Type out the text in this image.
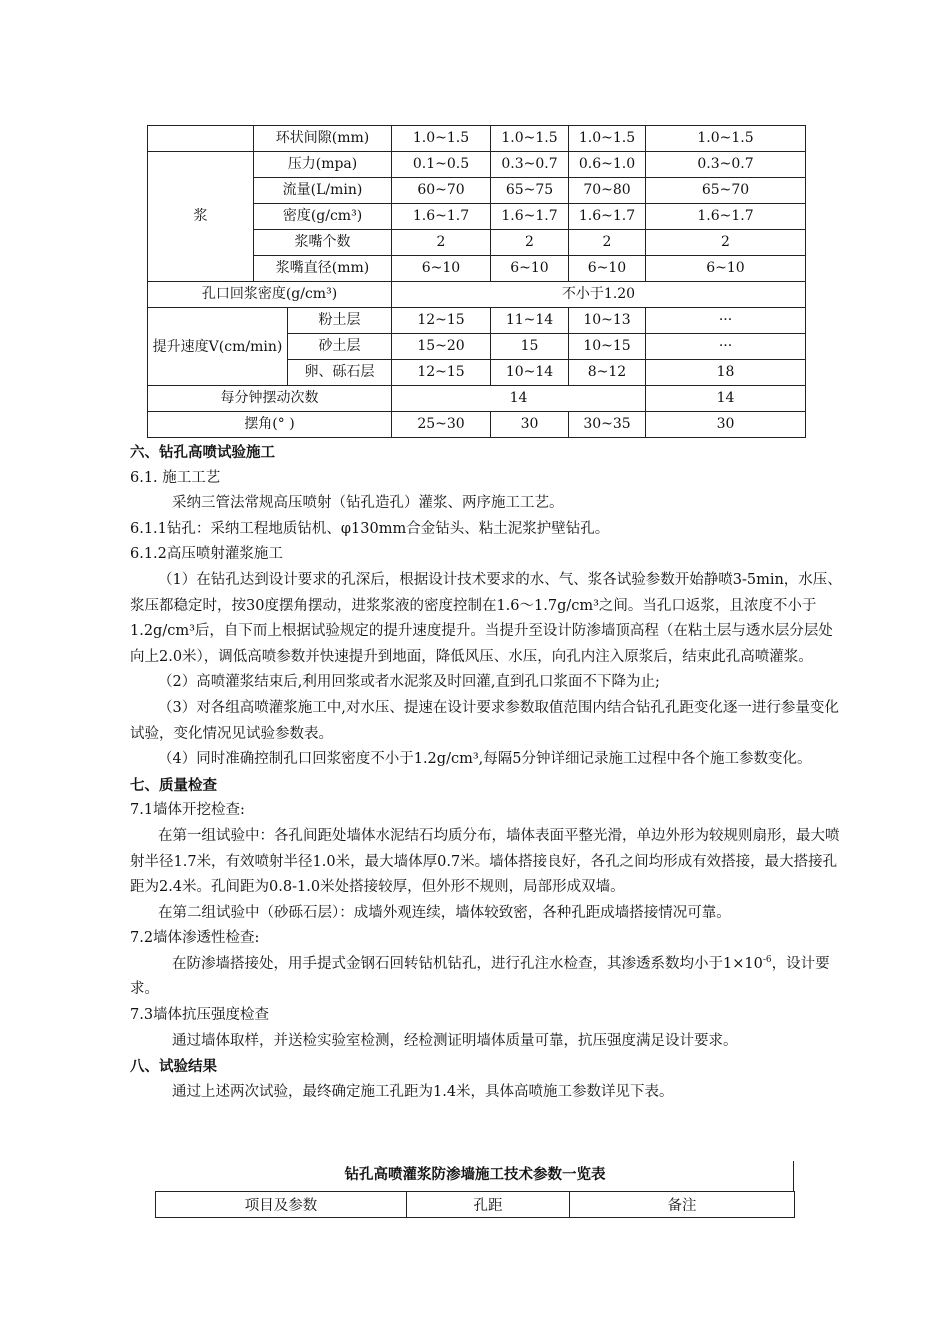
	环状间隙(mm)		1.0~1.5	1.0~1.5	1.0~1.5	1.0~1.5
浆	压力(mpa)		0.1~0.5	0.3~0.7	0.6~1.0	0.3~0.7
	流量(L/min)		60~70	65~75	70~80	65~70
	密度(g/cm³)		1.6~1.7	1.6~1.7	1.6~1.7	1.6~1.7
	浆嘴个数		2	2	2	2
	浆嘴直径(mm)		6~10	6~10	6~10	6~10
孔口回浆密度(g/cm³)			不小于1.20			
提升速度V(cm/min)		粉土层	12~15	11~14	10~13	···
		砂土层	15~20	15	10~15	···
		卵、砾石层	12~15	10~14	8~12	18
每分钟摆动次数			14			14
摆角(° )			25~30	30	30~35	30

六、钻孔高喷试验施工

6.1. 施工工艺

采纳三管法常规高压喷射（钻孔造孔）灌浆、两序施工工艺。

6.1.1钻孔：采纳工程地质钻机、φ130mm合金钻头、粘土泥浆护壁钻孔。

6.1.2高压喷射灌浆施工

（1）在钻孔达到设计要求的孔深后，根据设计技术要求的水、气、浆各试验参数开始静喷3-5min，水压、浆压都稳定时，按30度摆角摆动，进浆浆液的密度控制在1.6～1.7g/cm³之间。当孔口返浆，且浓度不小于1.2g/cm³后，自下而上根据试验规定的提升速度提升。当提升至设计防渗墙顶高程（在粘土层与透水层分层处向上2.0米），调低高喷参数并快速提升到地面，降低风压、水压，向孔内注入原浆后，结束此孔高喷灌浆。

（2）高喷灌浆结束后,利用回浆或者水泥浆及时回灌,直到孔口浆面不下降为止;

（3）对各组高喷灌浆施工中,对水压、提速在设计要求参数取值范围内结合钻孔孔距变化逐一进行参量变化试验，变化情况见试验参数表。

（4）同时准确控制孔口回浆密度不小于1.2g/cm³,每隔5分钟详细记录施工过程中各个施工参数变化。

七、质量检查

7.1墙体开挖检查:

在第一组试验中：各孔间距处墙体水泥结石均质分布，墙体表面平整光滑，单边外形为较规则扇形，最大喷射半径1.7米，有效喷射半径1.0米，最大墙体厚0.7米。墙体搭接良好，各孔之间均形成有效搭接，最大搭接孔距为2.4米。孔间距为0.8-1.0米处搭接较厚，但外形不规则，局部形成双墙。

在第二组试验中（砂砾石层）：成墙外观连续，墙体较致密，各种孔距成墙搭接情况可靠。

7.2墙体渗透性检查:

在防渗墙搭接处，用手提式金钢石回转钻机钻孔，进行孔注水检查，其渗透系数均小于$1\times 10^{-6}$，设计要求。

7.3墙体抗压强度检查

通过墙体取样，并送检实验室检测，经检测证明墙体质量可靠，抗压强度满足设计要求。

八、试验结果

通过上述两次试验，最终确定施工孔距为1.4米，具体高喷施工参数详见下表。

钻孔高喷灌浆防渗墙施工技术参数一览表
项目及参数	孔距	备注
